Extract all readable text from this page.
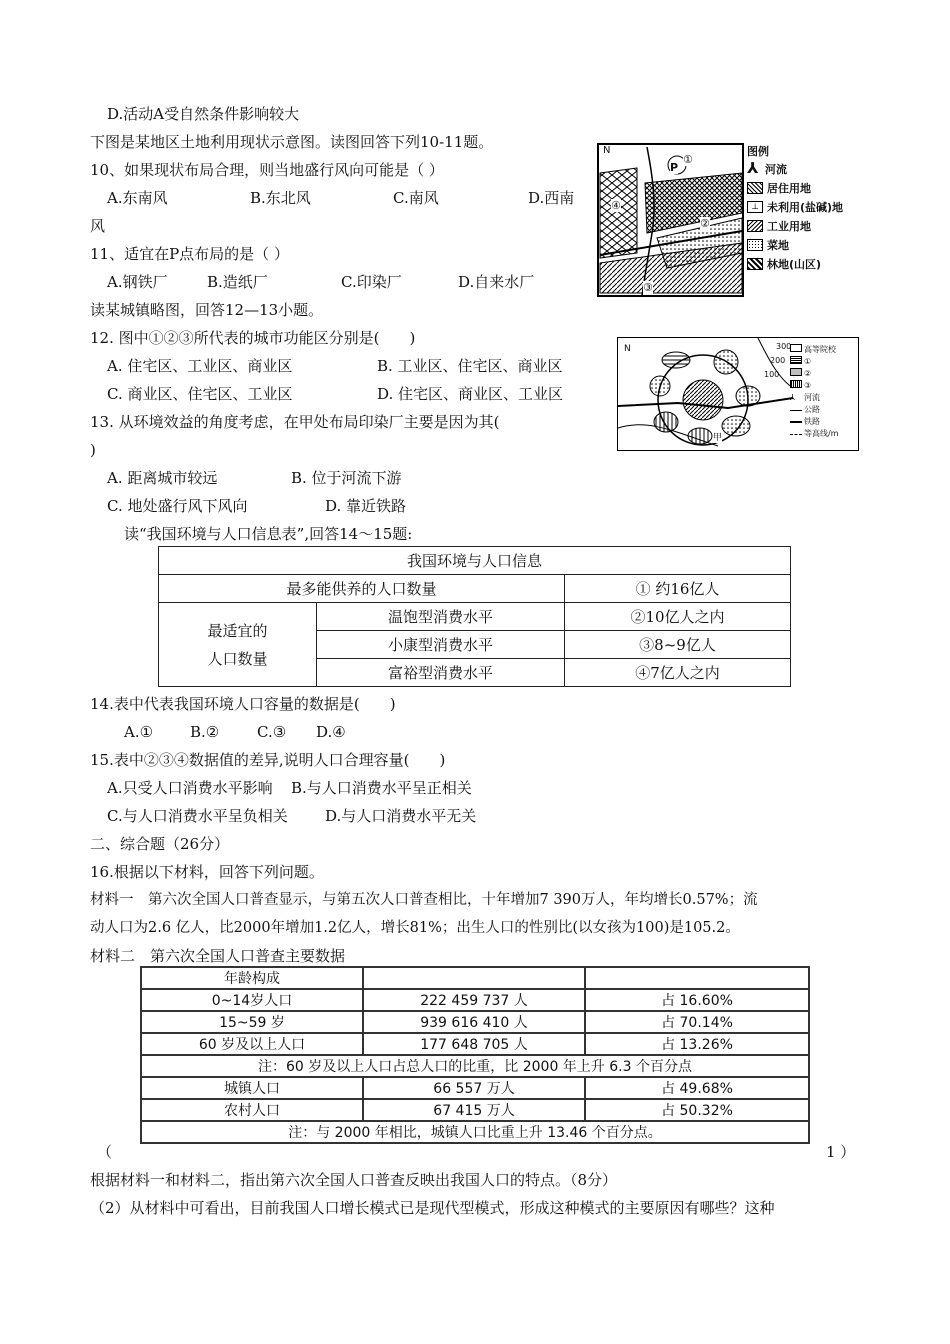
D.活动A受自然条件影响较大
下图是某地区土地利用现状示意图。读图回答下列10-11题。
10、如果现状布局合理，则当地盛行风向可能是（ ）
A.东南风	B.东北风	C.南风	D.西南
风
11、适宜在P点布局的是（ ）
A.钢铁厂	B.造纸厂	C.印染厂	D.自来水厂
读某城镇略图，回答12—13小题。
12. 图中①②③所代表的城市功能区分别是(　　)
A. 住宅区、工业区、商业区	B. 工业区、住宅区、商业区
C. 商业区、住宅区、工业区	D. 住宅区、商业区、工业区
13. 从环境效益的角度考虑，在甲处布局印染厂主要是因为其(
)
A. 距离城市较远	B. 位于河流下游
C. 地处盛行风下风向	D. 靠近铁路
读“我国环境与人口信息表”,回答14～15题:
我国环境与人口信息		
最多能供养的人口数量		① 约16亿人

最适宜的
人口数量	温饱型消费水平	②10亿人之内
	小康型消费水平	③8~9亿人
	富裕型消费水平	④7亿人之内
14.表中代表我国环境人口容量的数据是(　　)
A.① B.②	C.③ D.④
15.表中②③④数据值的差异,说明人口合理容量(　　)
A.只受人口消费水平影响 B.与人口消费水平呈正相关
C.与人口消费水平呈负相关 D.与人口消费水平无关
二、综合题（26分）
16.根据以下材料，回答下列问题。
材料一　第六次全国人口普查显示，与第五次人口普查相比，十年增加7 390万人，年均增长0.57%；流
动人口为2.6 亿人，比2000年增加1.2亿人，增长81%；出生人口的性别比(以女孩为100)是105.2。
材料二　第六次全国人口普查主要数据
年龄构成		
0~14岁人口	222 459 737 人	占 16.60%
15~59 岁	939 616 410 人	占 70.14%
60 岁及以上人口	177 648 705 人	占 13.26%
注：60 岁及以上人口占总人口的比重，比 2000 年上升 6.3 个百分点		
城镇人口	66 557 万人	占 49.68%
农村人口	67 415 万人	占 50.32%
注：与 2000 年相比，城镇人口比重上升 13.46 个百分点。		
（	1 ）
根据材料一和材料二，指出第六次全国人口普查反映出我国人口的特点。（8分）
（2）从材料中可看出，目前我国人口增长模式已是现代型模式，形成这种模式的主要原因有哪些？这种
N
P
①
②
③
④
图例
⅄ 河流
居住用地
⊥ 未利用(盐碱)地
工业用地
菜地
林地(山区)
N	300
200
100
甲
高等院校
①
②
③
⅄ 河流
公路
铁路
等高线/m
